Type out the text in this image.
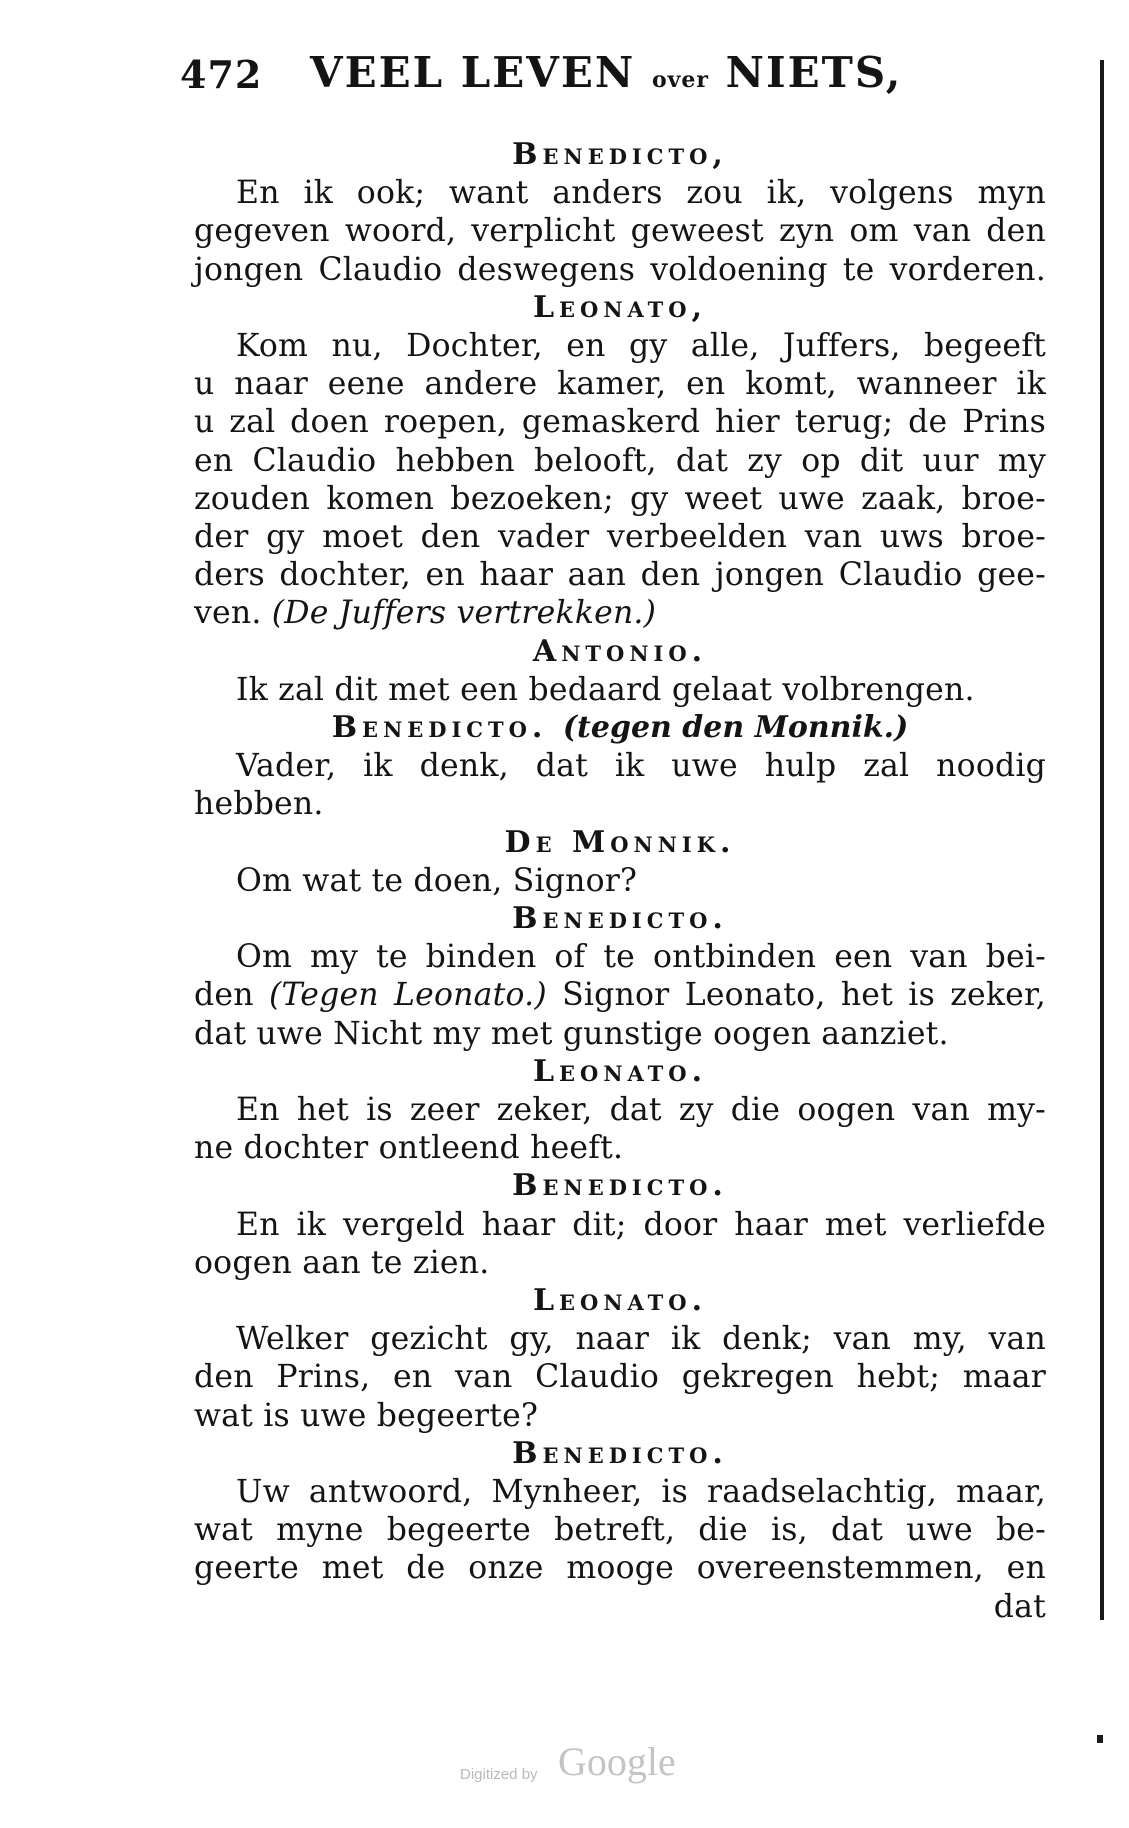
472 VEEL LEVEN over NIETS,
Benedicto,
En ik ook; want anders zou ik, volgens myn
gegeven woord, verplicht geweest zyn om van den
jongen Claudio deswegens voldoening te vorderen.
Leonato,
Kom nu, Dochter, en gy alle, Juffers, begeeft
u naar eene andere kamer, en komt, wanneer ik
u zal doen roepen, gemaskerd hier terug; de Prins
en Claudio hebben belooft, dat zy op dit uur my
zouden komen bezoeken; gy weet uwe zaak, broe-
der gy moet den vader verbeelden van uws broe-
ders dochter, en haar aan den jongen Claudio gee-
ven. (De Juffers vertrekken.)
Antonio.
Ik zal dit met een bedaard gelaat volbrengen.
Benedicto. (tegen den Monnik.)
Vader, ik denk, dat ik uwe hulp zal noodig
hebben.
De Monnik.
Om wat te doen, Signor?
Benedicto.
Om my te binden of te ontbinden een van bei-
den (Tegen Leonato.) Signor Leonato, het is zeker,
dat uwe Nicht my met gunstige oogen aanziet.
Leonato.
En het is zeer zeker, dat zy die oogen van my-
ne dochter ontleend heeft.
Benedicto.
En ik vergeld haar dit; door haar met verliefde
oogen aan te zien.
Leonato.
Welker gezicht gy, naar ik denk; van my, van
den Prins, en van Claudio gekregen hebt; maar
wat is uwe begeerte?
Benedicto.
Uw antwoord, Mynheer, is raadselachtig, maar,
wat myne begeerte betreft, die is, dat uwe be-
geerte met de onze mooge overeenstemmen, en
dat
Digitized by Google
